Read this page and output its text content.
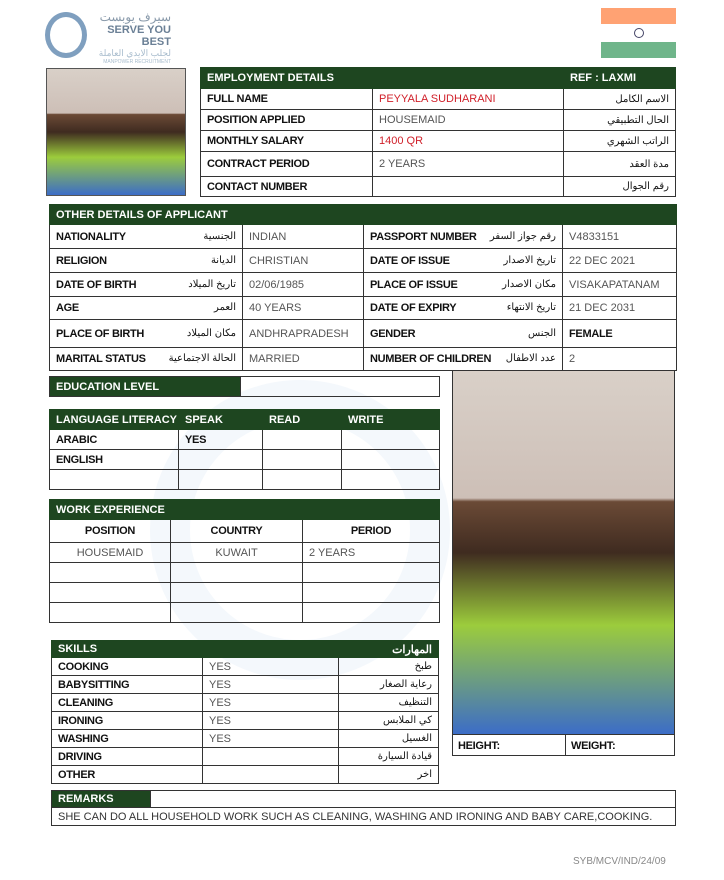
سيرف يوبست
SERVE YOU BEST
لجلب الايدي العاملة
MANPOWER RECRUITMENT
EMPLOYMENT DETAILS		REF : LAXMI
FULL NAME	PEYYALA SUDHARANI	الاسم الكامل
POSITION APPLIED	HOUSEMAID	الحال التطبيقي
MONTHLY SALARY	1400 QR	الراتب الشهري
CONTRACT PERIOD	2 YEARS	مدة العقد
CONTACT NUMBER		رقم الجوال
OTHER DETAILS OF APPLICANT			

NATIONALITY الجنسية	INDIAN	PASSPORT NUMBER رقم جواز السفر	V4833151

RELIGION الديانة	CHRISTIAN	DATE OF ISSUE تاريخ الاصدار	22 DEC 2021

DATE OF BIRTH تاريخ الميلاد	02/06/1985	PLACE OF ISSUE مكان الاصدار	VISAKAPATANAM

AGE العمر	40 YEARS	DATE OF EXPIRY تاريخ الانتهاء	21 DEC 2031

PLACE OF BIRTH مكان الميلاد	ANDHRAPRADESH	GENDER الجنس	FEMALE

MARITAL STATUS الحالة الاجتماعية	MARRIED	NUMBER OF CHILDREN عدد الاطفال	2
EDUCATION LEVEL	
LANGUAGE LITERACY	SPEAK	READ	WRITE
ARABIC	YES		
ENGLISH			

WORK EXPERIENCE		
POSITION	COUNTRY	PERIOD
HOUSEMAID	KUWAIT	2 YEARS

SKILLS		المهارات
COOKING	YES	طبخ
BABYSITTING	YES	رعاية الصغار
CLEANING	YES	التنظيف
IRONING	YES	كي الملابس
WASHING	YES	الغسيل
DRIVING		قيادة السيارة
OTHER		اخر
HEIGHT:	WEIGHT:
REMARKS	
SHE CAN DO ALL HOUSEHOLD WORK SUCH AS CLEANING, WASHING AND IRONING AND BABY CARE,COOKING.
SYB/MCV/IND/24/09
